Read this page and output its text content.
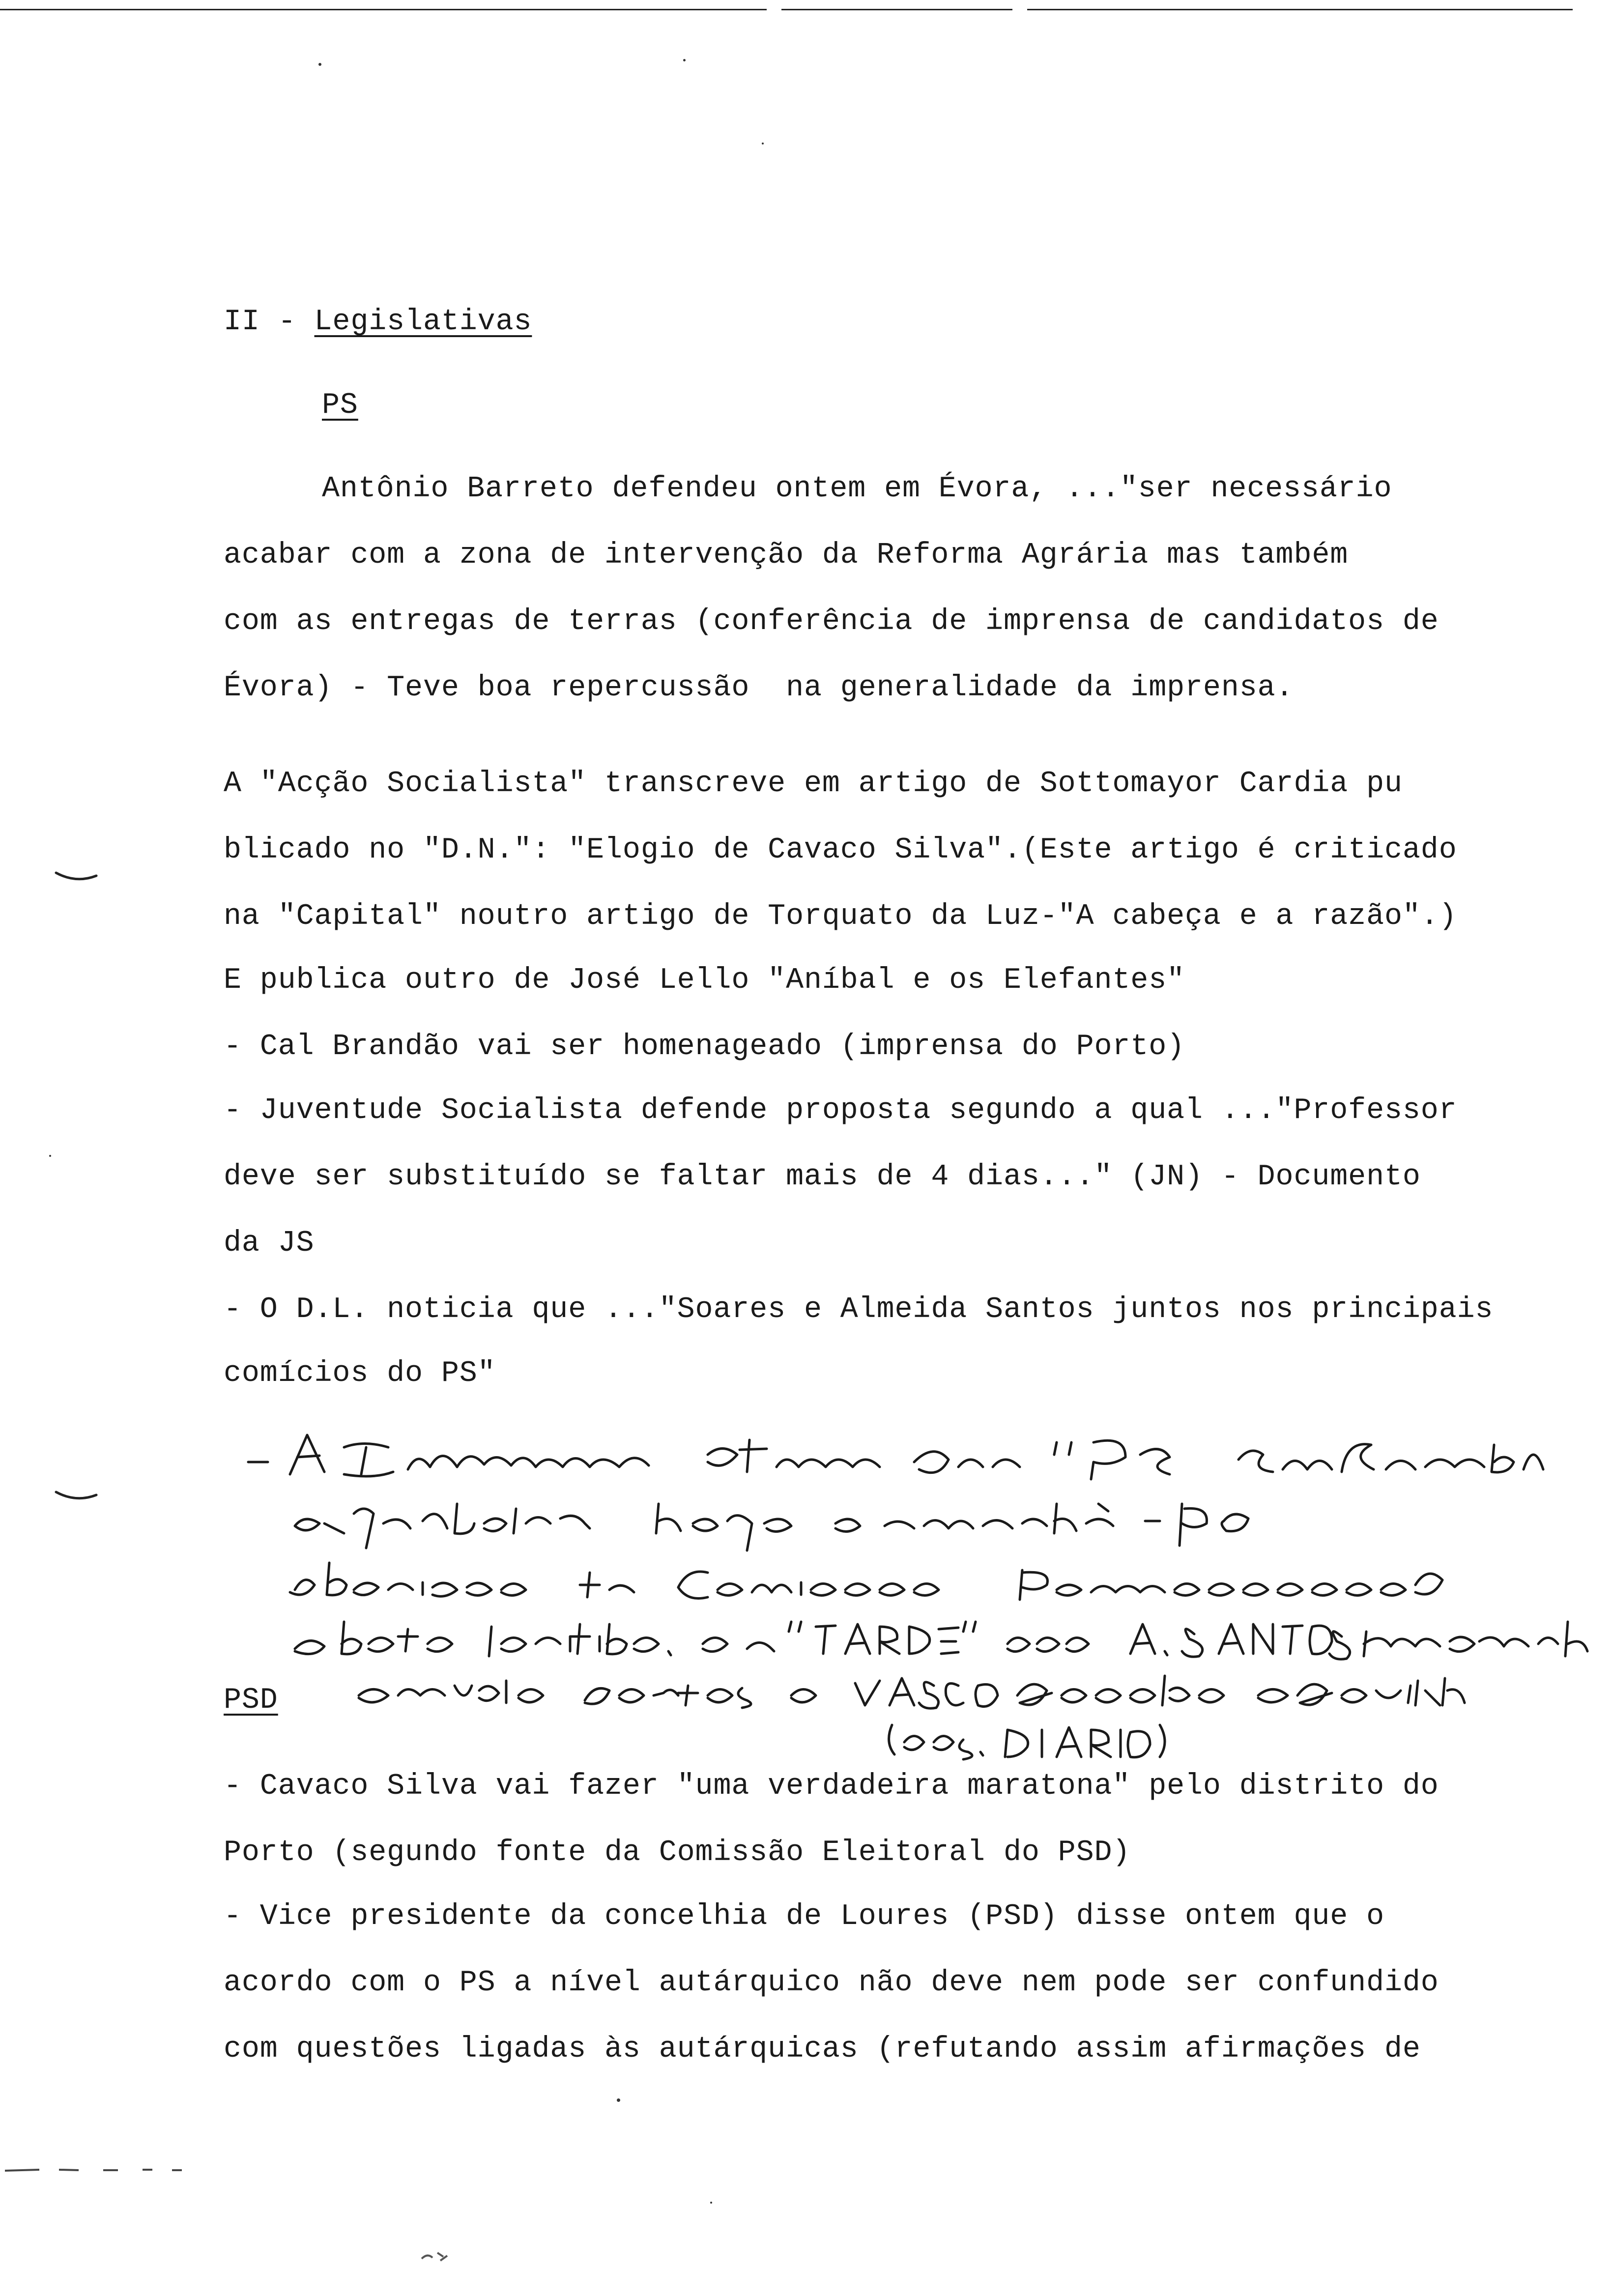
II - Legislativas

PS

Antônio Barreto defendeu ontem em Évora, ..."ser necessário

acabar com a zona de intervenção da Reforma Agrária mas também

com as entregas de terras (conferência de imprensa de candidatos de

Évora) - Teve boa repercussão  na generalidade da imprensa.

A "Acção Socialista" transcreve em artigo de Sottomayor Cardia pu

blicado no "D.N.": "Elogio de Cavaco Silva".(Este artigo é criticado

na "Capital" noutro artigo de Torquato da Luz-"A cabeça e a razão".)

E publica outro de José Lello "Aníbal e os Elefantes"

- Cal Brandão vai ser homenageado (imprensa do Porto)

- Juventude Socialista defende proposta segundo a qual ..."Professor

deve ser substituído se faltar mais de 4 dias..." (JN) - Documento

da JS

- O D.L. noticia que ..."Soares e Almeida Santos juntos nos principais

comícios do PS"

PSD

- Cavaco Silva vai fazer "uma verdadeira maratona" pelo distrito do

Porto (segundo fonte da Comissão Eleitoral do PSD)

- Vice presidente da concelhia de Loures (PSD) disse ontem que o

acordo com o PS a nível autárquico não deve nem pode ser confundido

com questões ligadas às autárquicas (refutando assim afirmações de
